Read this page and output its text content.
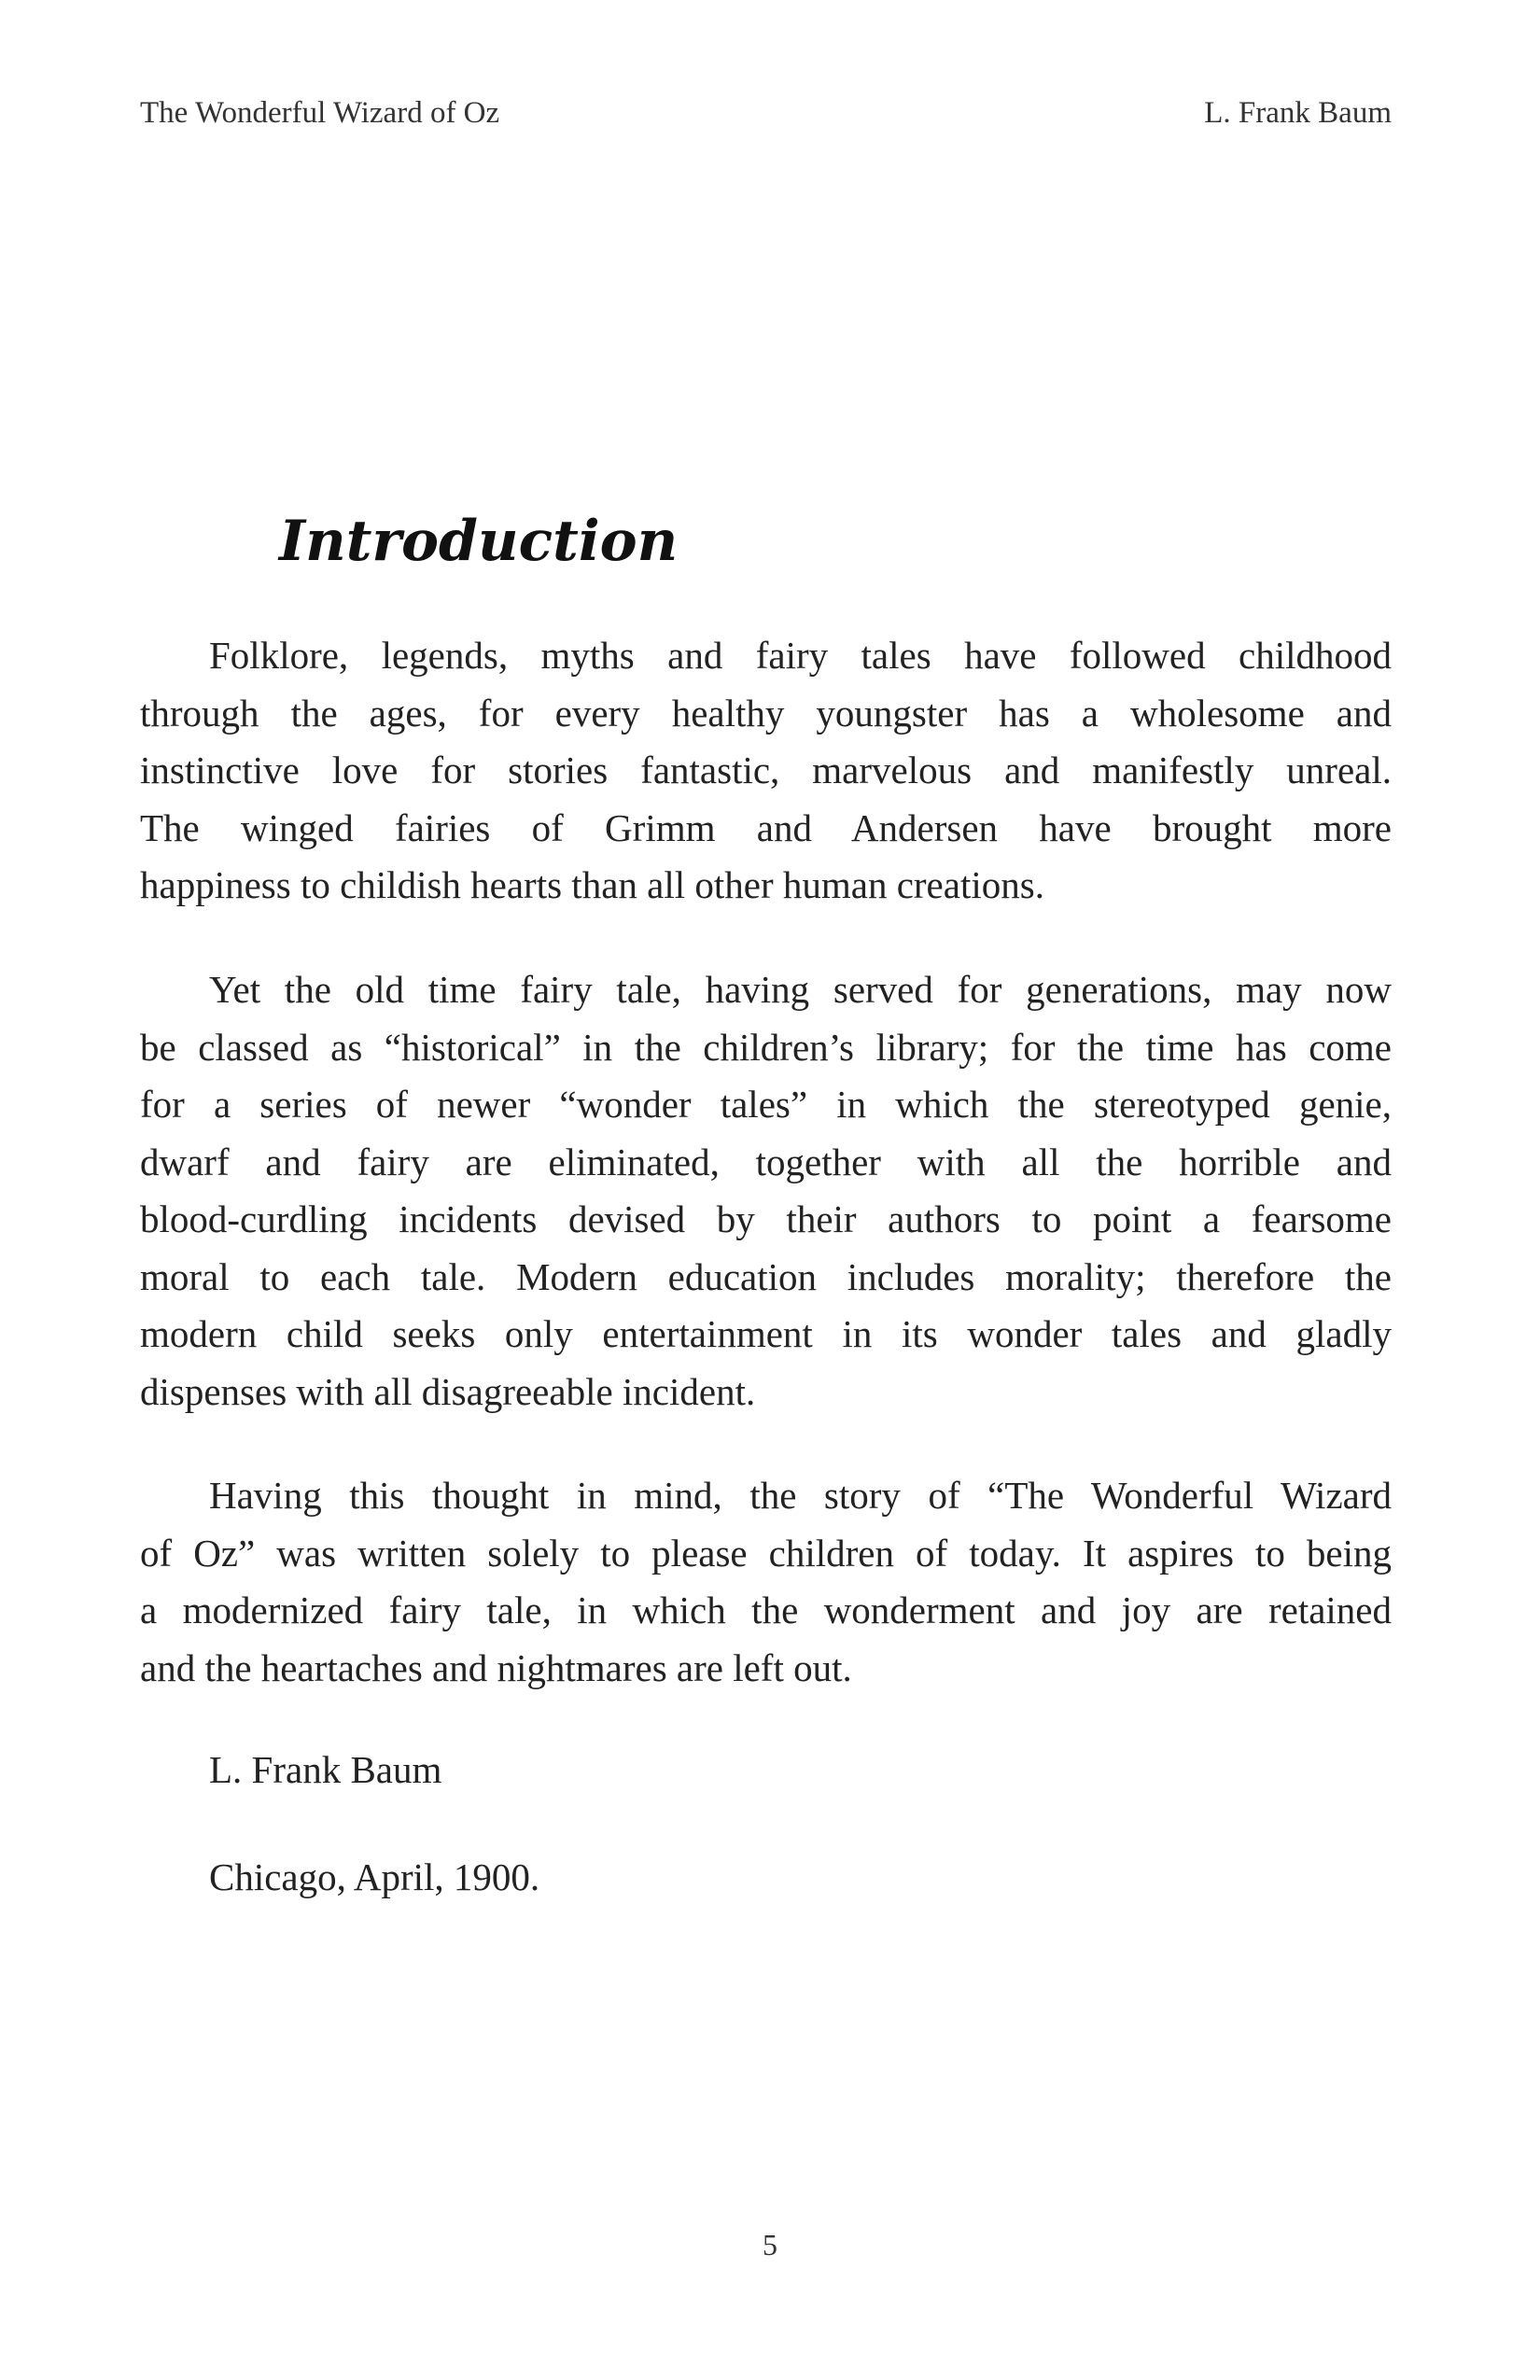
The Wonderful Wizard of Oz	L. Frank Baum
Introduction
Folklore, legends, myths and fairy tales have followed childhood
through the ages, for every healthy youngster has a wholesome and
instinctive love for stories fantastic, marvelous and manifestly unreal.
The winged fairies of Grimm and Andersen have brought more
happiness to childish hearts than all other human creations.
Yet the old time fairy tale, having served for generations, may now
be classed as “historical” in the children’s library; for the time has come
for a series of newer “wonder tales” in which the stereotyped genie,
dwarf and fairy are eliminated, together with all the horrible and
blood-curdling incidents devised by their authors to point a fearsome
moral to each tale. Modern education includes morality; therefore the
modern child seeks only entertainment in its wonder tales and gladly
dispenses with all disagreeable incident.
Having this thought in mind, the story of “The Wonderful Wizard
of Oz” was written solely to please children of today. It aspires to being
a modernized fairy tale, in which the wonderment and joy are retained
and the heartaches and nightmares are left out.
L. Frank Baum
Chicago, April, 1900.
5
